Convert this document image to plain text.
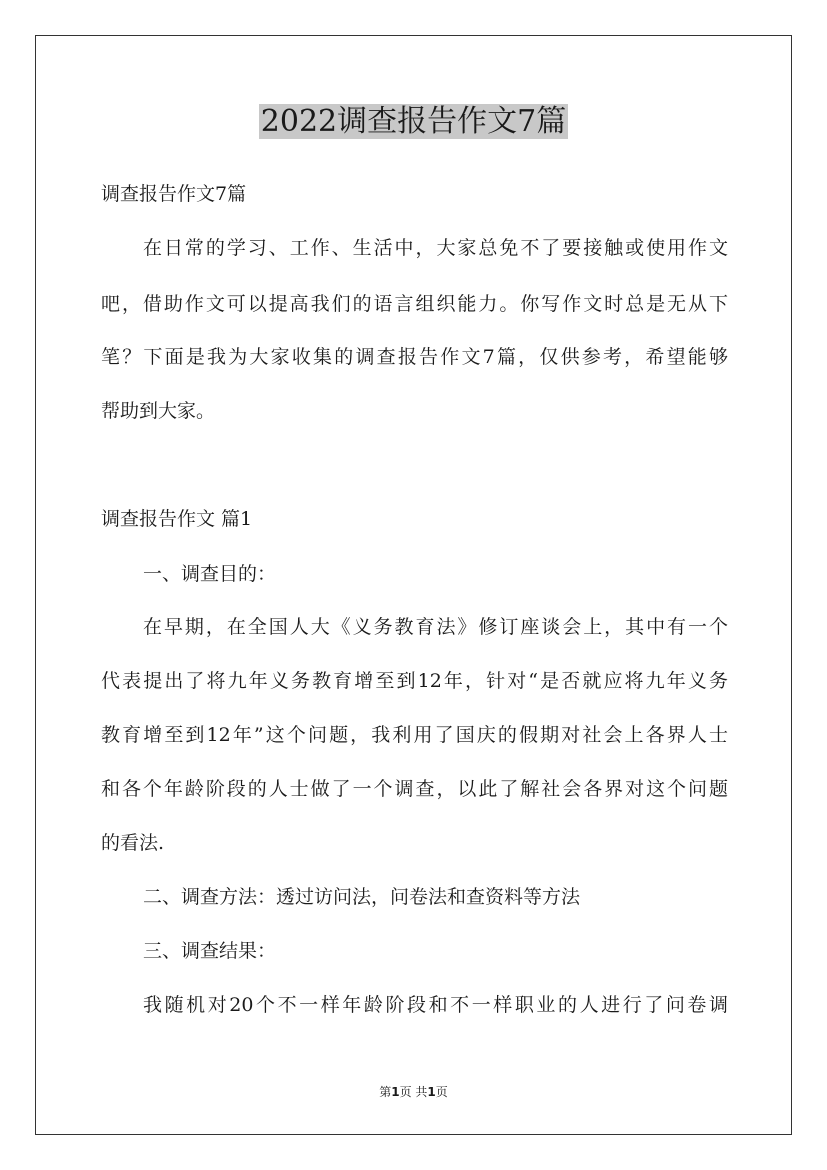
2022调查报告作文7篇

调查报告作文7篇

在日常的学习、工作、生活中，大家总免不了要接触或使用作文

吧，借助作文可以提高我们的语言组织能力。你写作文时总是无从下

笔？下面是我为大家收集的调查报告作文7篇，仅供参考，希望能够

帮助到大家。

调查报告作文 篇1

一、调查目的：

在早期，在全国人大《义务教育法》修订座谈会上，其中有一个

代表提出了将九年义务教育增至到12年，针对“是否就应将九年义务

教育增至到12年”这个问题，我利用了国庆的假期对社会上各界人士

和各个年龄阶段的人士做了一个调查，以此了解社会各界对这个问题

的看法.

二、调查方法：透过访问法，问卷法和查资料等方法

三、调查结果：

我随机对20个不一样年龄阶段和不一样职业的人进行了问卷调

第1页 共1页
